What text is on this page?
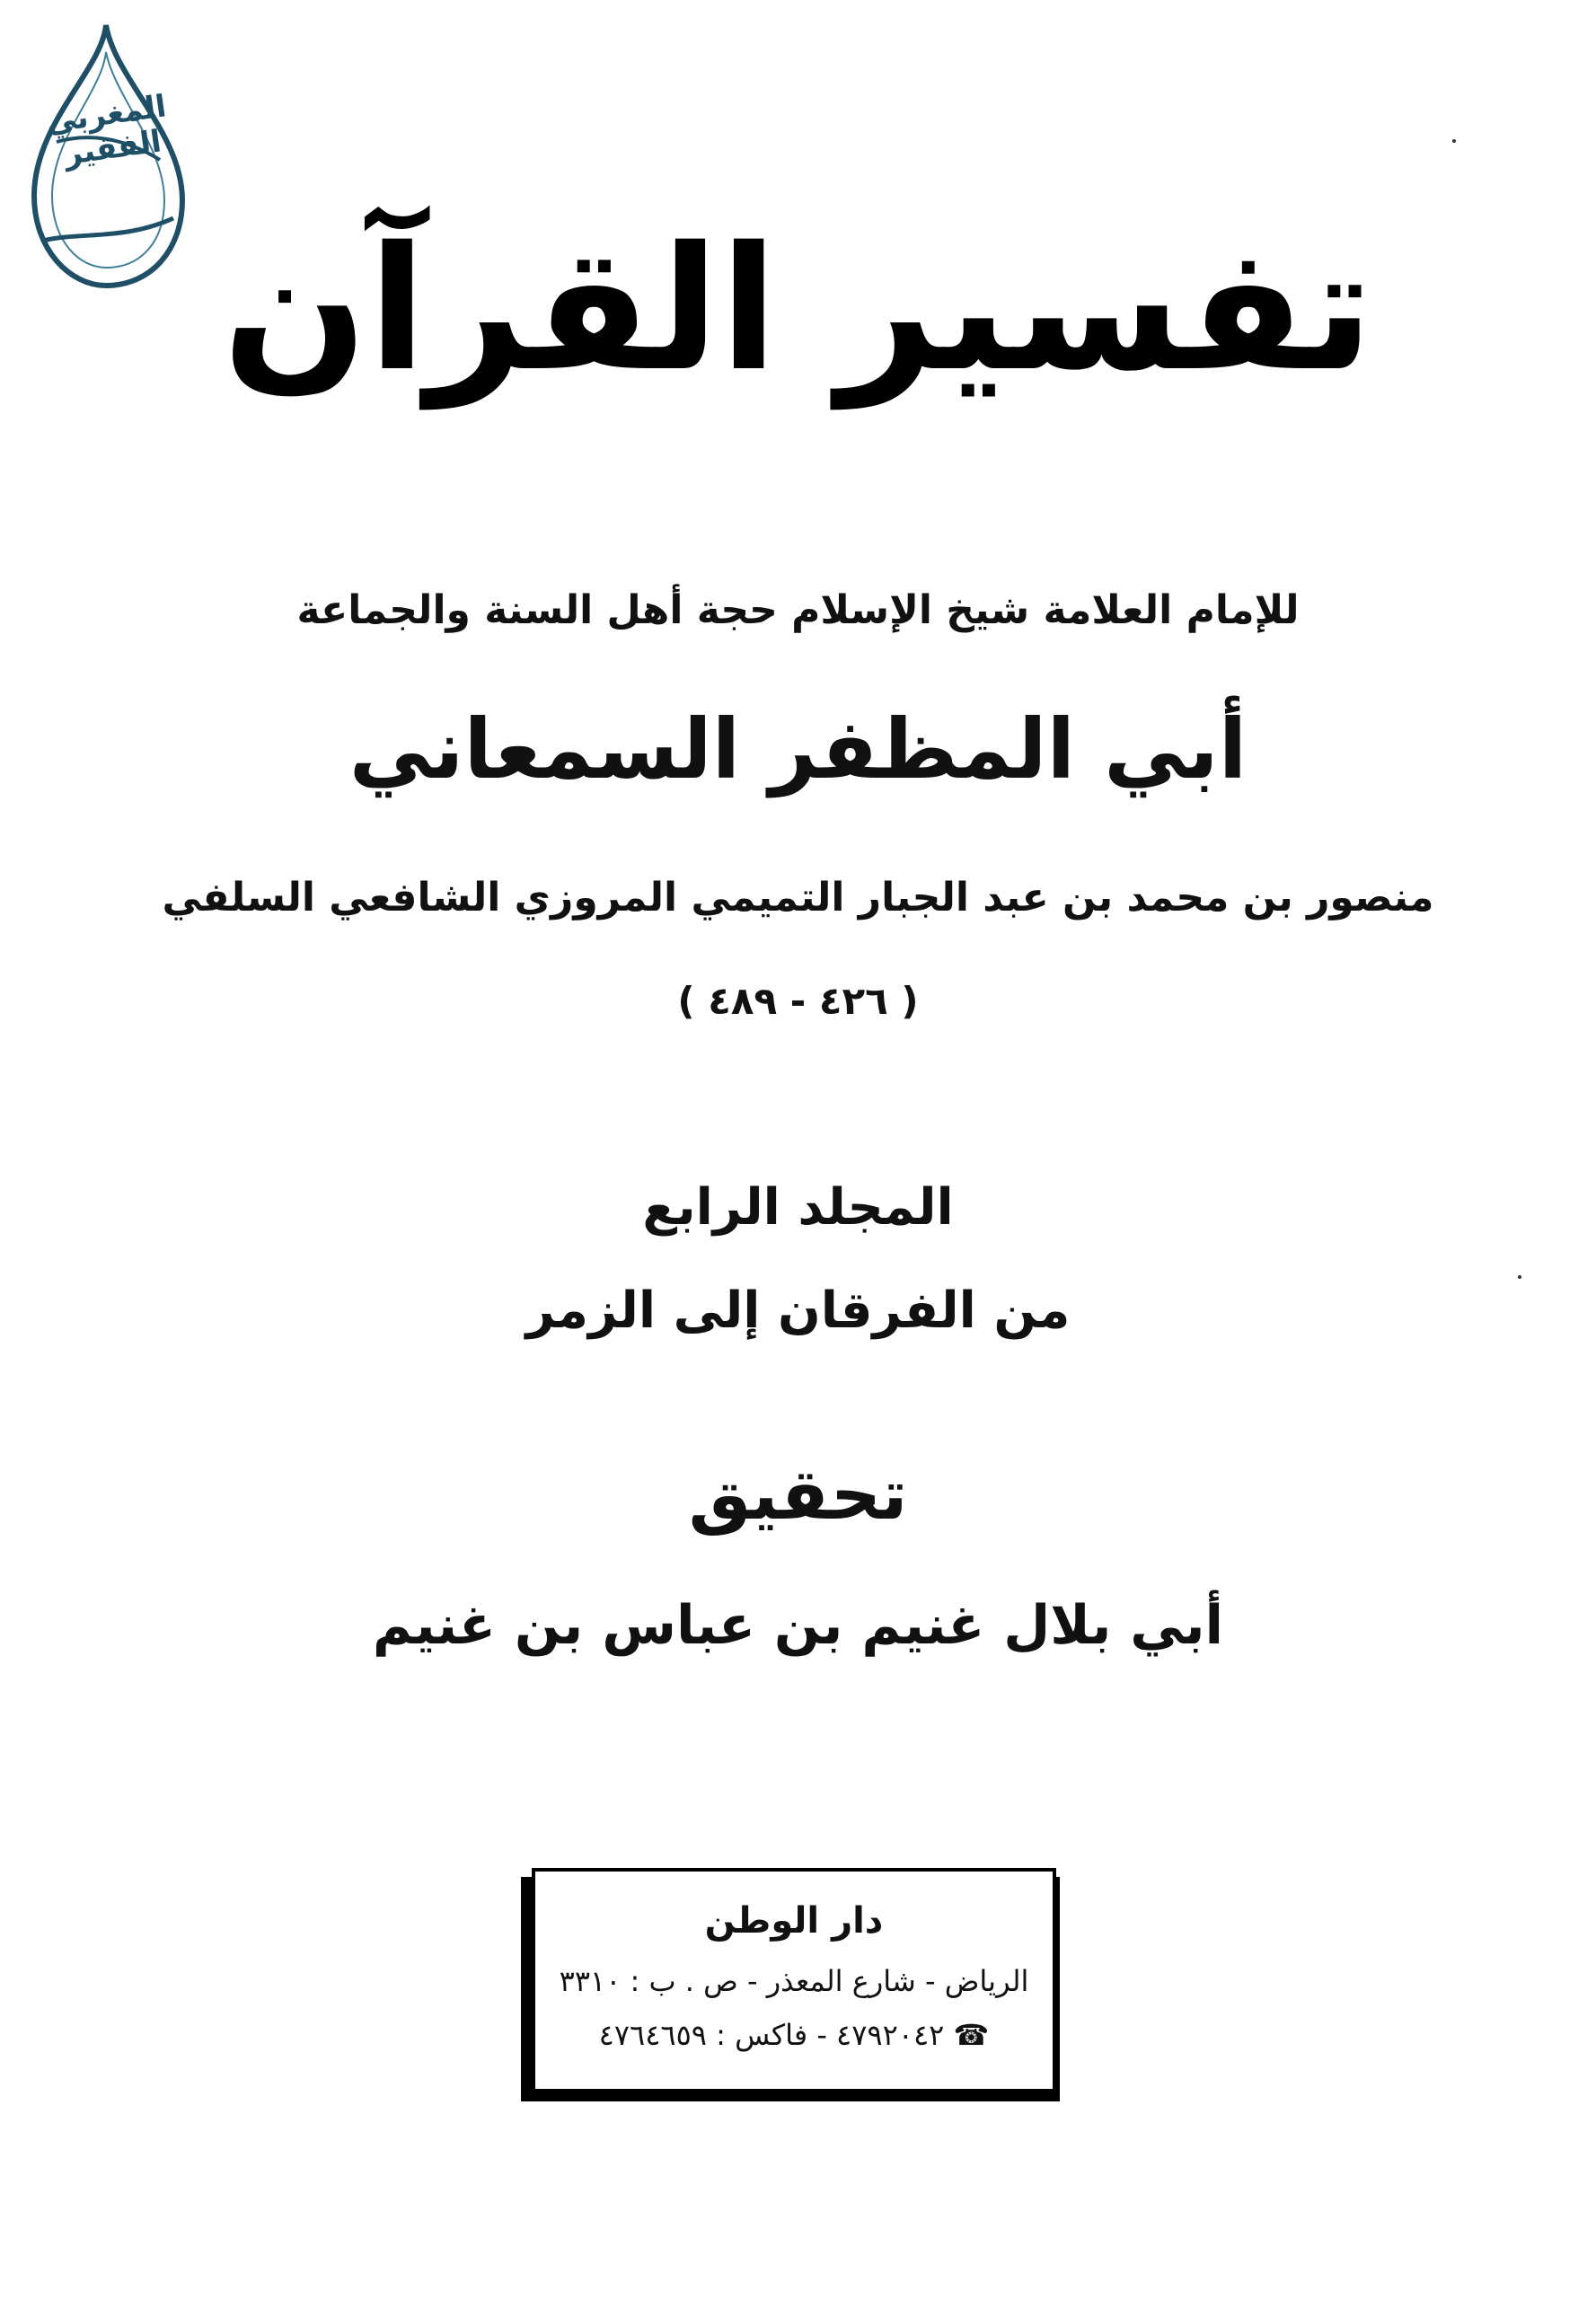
المغربي الفقير
تفسير القرآن
للإمام العلامة شيخ الإسلام حجة أهل السنة والجماعة
أبي المظفر السمعاني
منصور بن محمد بن عبد الجبار التميمي المروزي الشافعي السلفي
( ٤٢٦ - ٤٨٩ )
المجلد الرابع
من الفرقان إلى الزمر
تحقيق
أبي بلال غنيم بن عباس بن غنيم
دار الوطن
الرياض - شارع المعذر - ص . ب : ٣٣١٠
☎ ٤٧٩٢٠٤٢ - فاكس : ٤٧٦٤٦٥٩
